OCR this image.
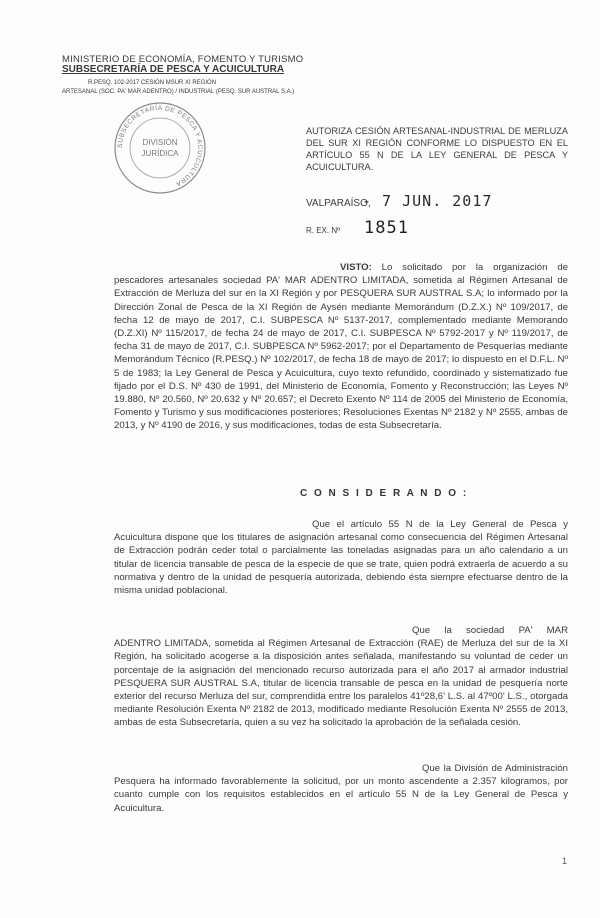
MINISTERIO DE ECONOMÍA, FOMENTO Y TURISMO
SUBSECRETARÍA DE PESCA Y ACUICULTURA
R.PESQ. 102-2017 CESIÓN MSUR XI REGIÓN
ARTESANAL (SOC. PA' MAR ADENTRO) / INDUSTRIAL (PESQ. SUR AUSTRAL S.A.)
SUBSECRETARÍA DE PESCA Y ACUICULTURA
DIVISIÓN
JURÍDICA
AUTORIZA CESIÓN ARTESANAL-INDUSTRIAL DE MERLUZA DEL SUR XI REGIÓN CONFORME LO DISPUESTO EN EL ARTÍCULO 55 N DE LA LEY GENERAL DE PESCA Y ACUICULTURA.
VALPARAÍSO,
- 7 JUN. 2017
R. EX. Nº 1851
VISTO: Lo solicitado por la organización de pescadores artesanales sociedad PA' MAR ADENTRO LIMITADA, sometida al Régimen Artesanal de Extracción de Merluza del sur en la XI Región y por PESQUERA SUR AUSTRAL S.A; lo informado por la Dirección Zonal de Pesca de la XI Región de Aysén mediante Memorándum (D.Z.X.) Nº 109/2017, de fecha 12 de mayo de 2017, C.I. SUBPESCA Nº 5137-2017, complementado mediante Memorando (D.Z.XI) Nº 115/2017, de fecha 24 de mayo de 2017, C.I. SUBPESCA Nº 5792-2017 y Nº 119/2017, de fecha 31 de mayo de 2017, C.I. SUBPESCA Nº 5962-2017; por el Departamento de Pesquerías mediante Memorándum Técnico (R.PESQ.) Nº 102/2017, de fecha 18 de mayo de 2017; lo dispuesto en el D.F.L. Nº 5 de 1983; la Ley General de Pesca y Acuicultura, cuyo texto refundido, coordinado y sistematizado fue fijado por el D.S. Nº 430 de 1991, del Ministerio de Economía, Fomento y Reconstrucción; las Leyes Nº 19.880, Nº 20.560, Nº 20.632 y Nº 20.657; el Decreto Exento Nº 114 de 2005 del Ministerio de Economía, Fomento y Turismo y sus modificaciones posteriores; Resoluciones Exentas Nº 2182 y Nº 2555, ambas de 2013, y Nº 4190 de 2016, y sus modificaciones, todas de esta Subsecretaría.
C O N S I D E R A N D O :
Que el artículo 55 N de la Ley General de Pesca y Acuicultura dispone que los titulares de asignación artesanal como consecuencia del Régimen Artesanal de Extracción podrán ceder total o parcialmente las toneladas asignadas para un año calendario a un titular de licencia transable de pesca de la especie de que se trate, quien podrá extraerla de acuerdo a su normativa y dentro de la unidad de pesquería autorizada, debiendo ésta siempre efectuarse dentro de la misma unidad poblacional.
Que la sociedad PA' MAR ADENTRO LIMITADA, sometida al Régimen Artesanal de Extracción (RAE) de Merluza del sur de la XI Región, ha solicitado acogerse a la disposición antes señalada, manifestando su voluntad de ceder un porcentaje de la asignación del mencionado recurso autorizada para el año 2017 al armador industrial PESQUERA SUR AUSTRAL S.A, titular de licencia transable de pesca en la unidad de pesquería norte exterior del recurso Merluza del sur, comprendida entre los paralelos 41º28,6' L.S. al 47º00' L.S., otorgada mediante Resolución Exenta Nº 2182 de 2013, modificado mediante Resolución Exenta Nº 2555 de 2013, ambas de esta Subsecretaría, quien a su vez ha solicitado la aprobación de la señalada cesión.
Que la División de Administración Pesquera ha informado favorablemente la solicitud, por un monto ascendente a 2.357 kilogramos, por cuanto cumple con los requisitos establecidos en el artículo 55 N de la Ley General de Pesca y Acuicultura.
1
